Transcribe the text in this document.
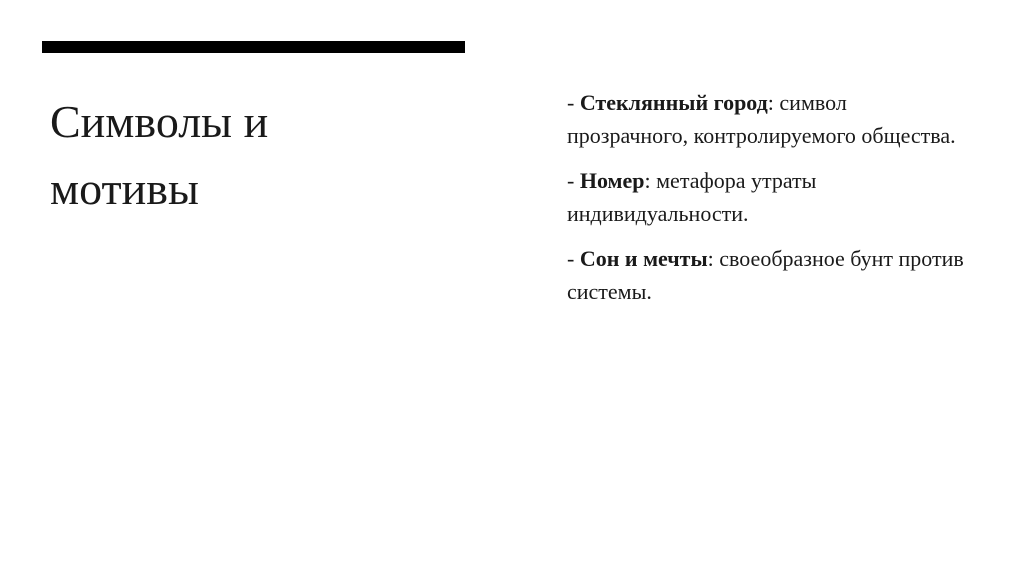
Символы и
мотивы

- Стеклянный город: символ прозрачного, контролируемого общества.

- Номер: метафора утраты индивидуальности.

- Сон и мечты: своеобразное бунт против системы.
